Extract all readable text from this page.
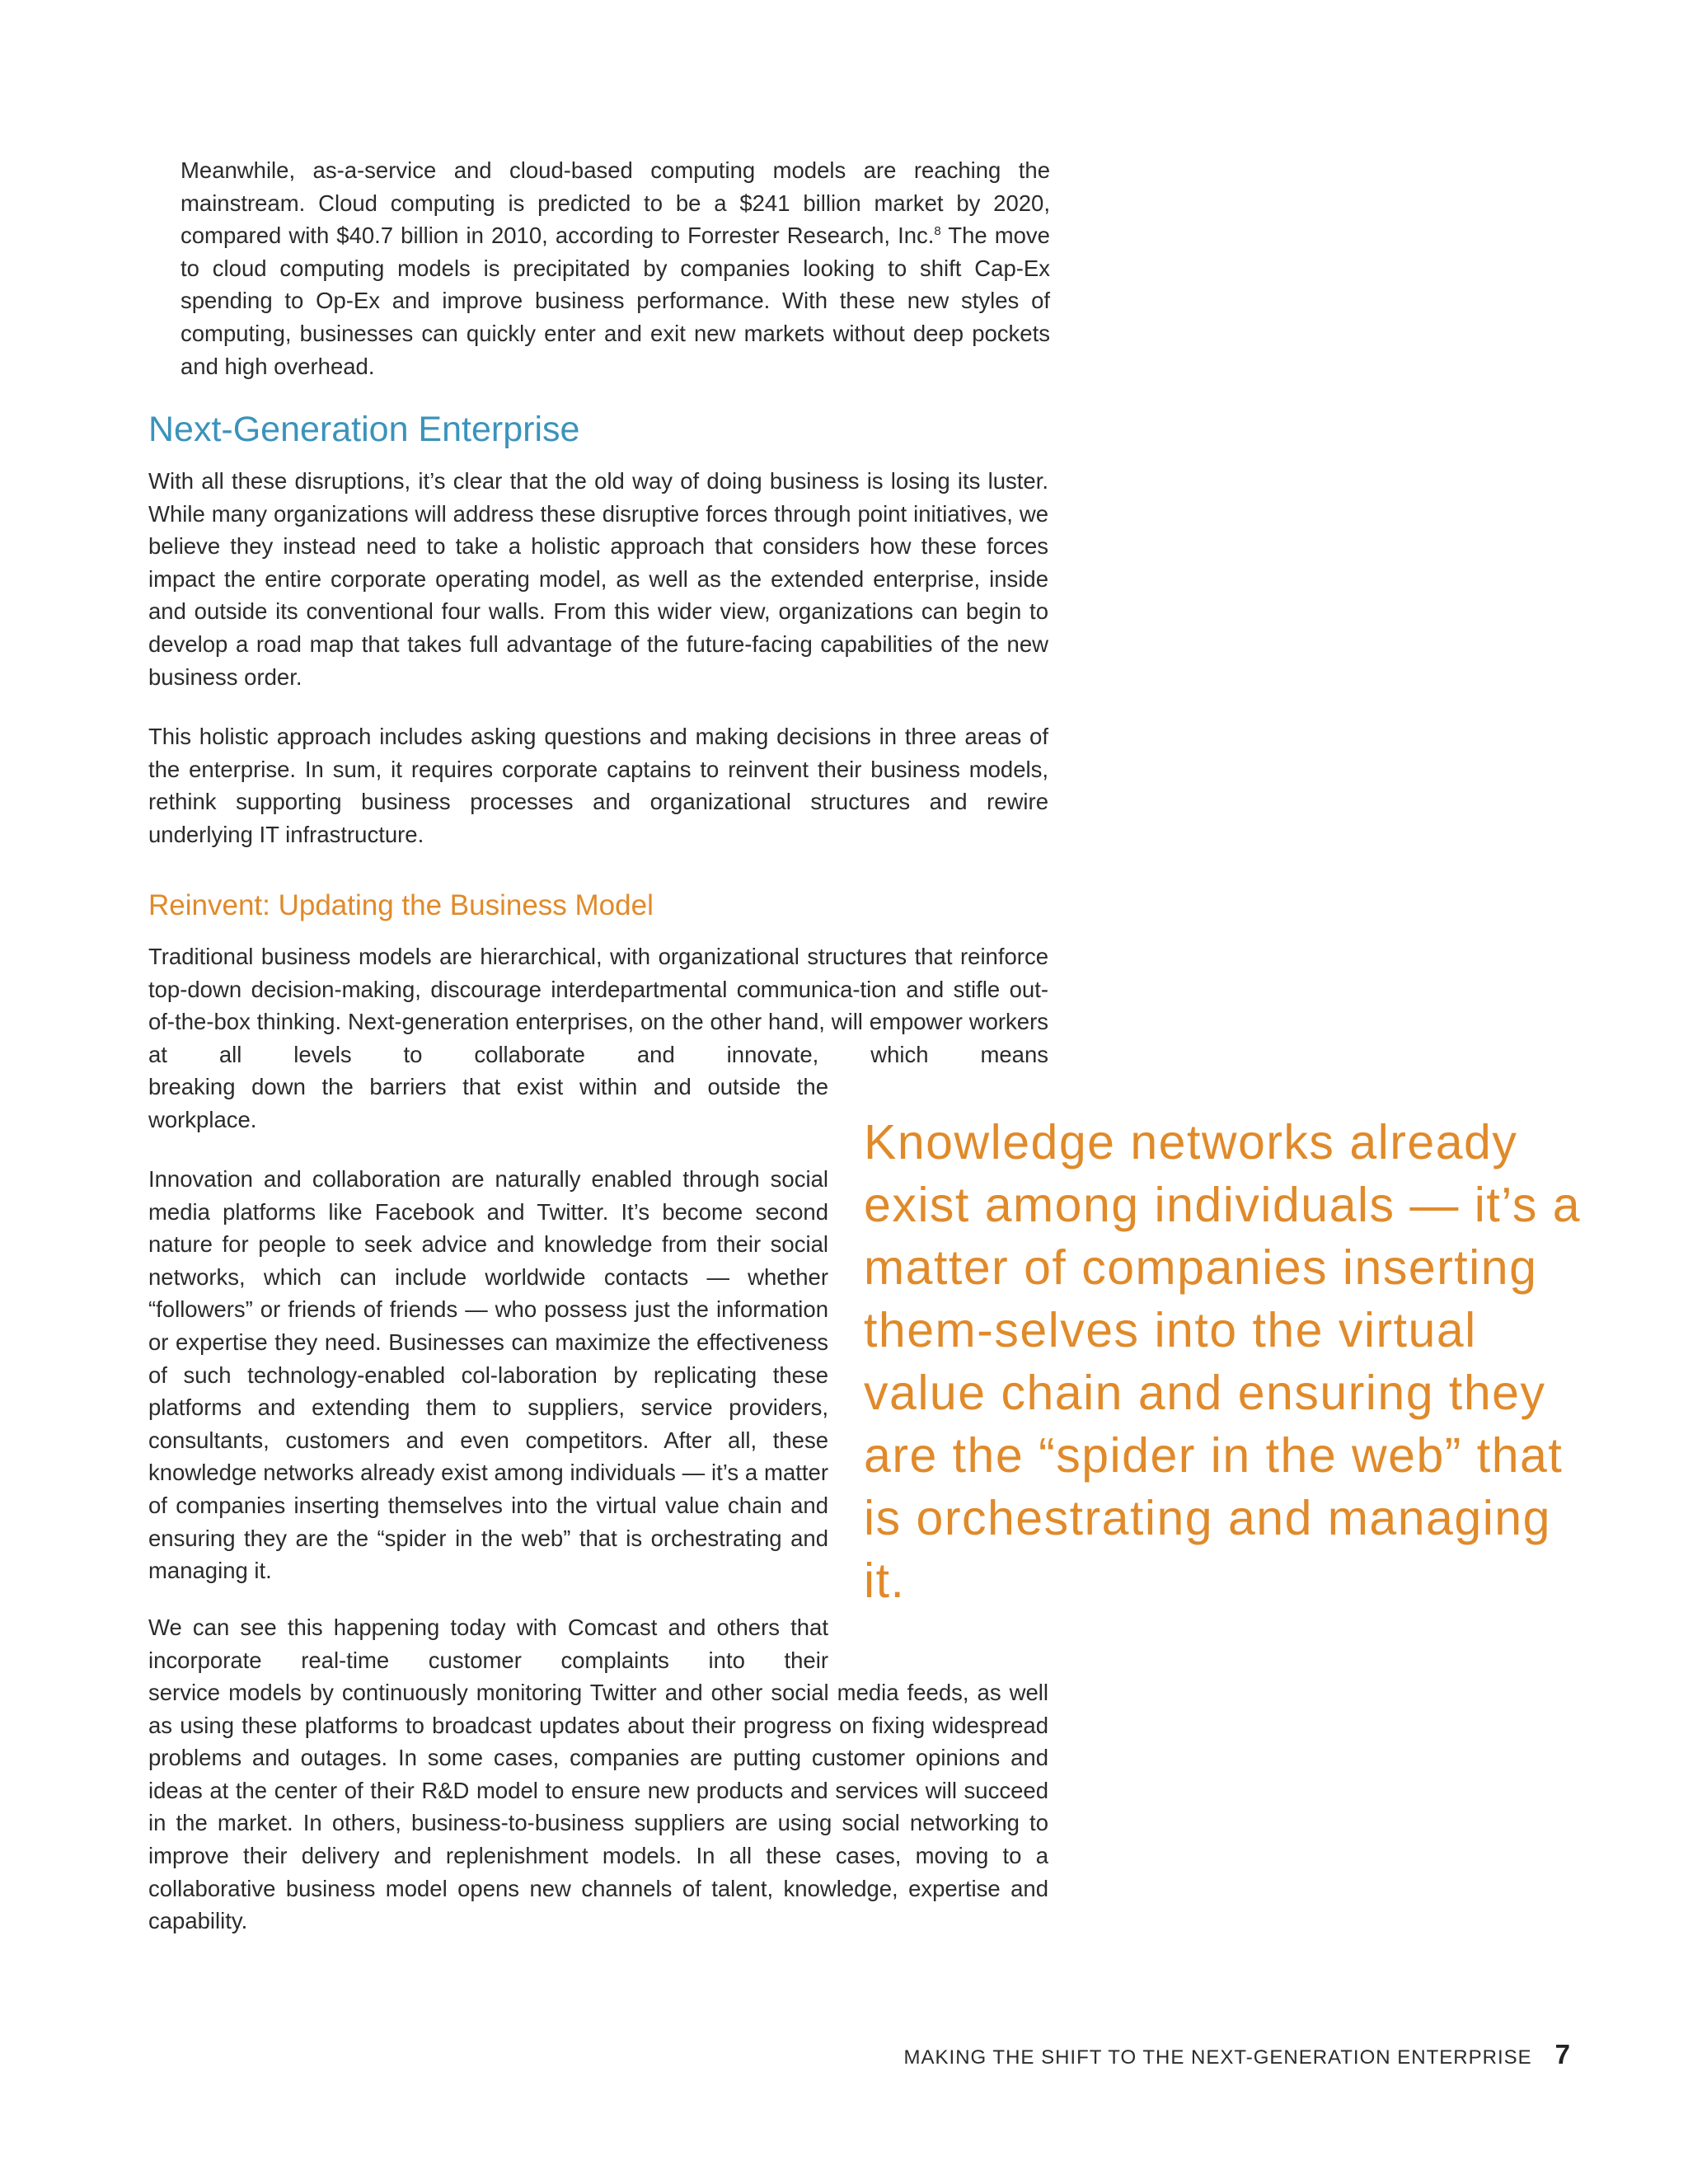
Meanwhile, as-a-service and cloud-based computing models are reaching the mainstream. Cloud computing is predicted to be a $241 billion market by 2020, compared with $40.7 billion in 2010, according to Forrester Research, Inc.$^8$ The move to cloud computing models is precipitated by companies looking to shift Cap-Ex spending to Op-Ex and improve business performance. With these new styles of computing, businesses can quickly enter and exit new markets without deep pockets and high overhead.

Next-Generation Enterprise

With all these disruptions, it’s clear that the old way of doing business is losing its luster. While many organizations will address these disruptive forces through point initiatives, we believe they instead need to take a holistic approach that considers how these forces impact the entire corporate operating model, as well as the extended enterprise, inside and outside its conventional four walls. From this wider view, organizations can begin to develop a road map that takes full advantage of the future-facing capabilities of the new business order.

This holistic approach includes asking questions and making decisions in three areas of the enterprise. In sum, it requires corporate captains to reinvent their business models, rethink supporting business processes and organizational structures and rewire underlying IT infrastructure.

Reinvent: Updating the Business Model

Traditional business models are hierarchical, with organizational structures that reinforce top-down decision-making, discourage interdepartmental communica-tion and stifle out-of-the-box thinking. Next-generation enterprises, on the other hand, will empower workers at all levels to collaborate and innovate, which means

breaking down the barriers that exist within and outside the workplace.

Innovation and collaboration are naturally enabled through social media platforms like Facebook and Twitter. It’s become second nature for people to seek advice and knowledge from their social networks, which can include worldwide contacts — whether “followers” or friends of friends — who possess just the information or expertise they need. Businesses can maximize the effectiveness of such technology-enabled col-laboration by replicating these platforms and extending them to suppliers, service providers, consultants, customers and even competitors. After all, these knowledge networks already exist among individuals — it’s a matter of companies inserting themselves into the virtual value chain and ensuring they are the “spider in the web” that is orchestrating and managing it.

We can see this happening today with Comcast and others that incorporate real-time customer complaints into their

service models by continuously monitoring Twitter and other social media feeds, as well as using these platforms to broadcast updates about their progress on fixing widespread problems and outages. In some cases, companies are putting customer opinions and ideas at the center of their R&D model to ensure new products and services will succeed in the market. In others, business-to-business suppliers are using social networking to improve their delivery and replenishment models. In all these cases, moving to a collaborative business model opens new channels of talent, knowledge, expertise and capability.

Knowledge networks already exist among individuals — it’s a matter of companies inserting them-selves into the virtual value chain and ensuring they are the “spider in the web” that is orchestrating and managing it.

MAKING THE SHIFT TO THE NEXT-GENERATION ENTERPRISE 7
